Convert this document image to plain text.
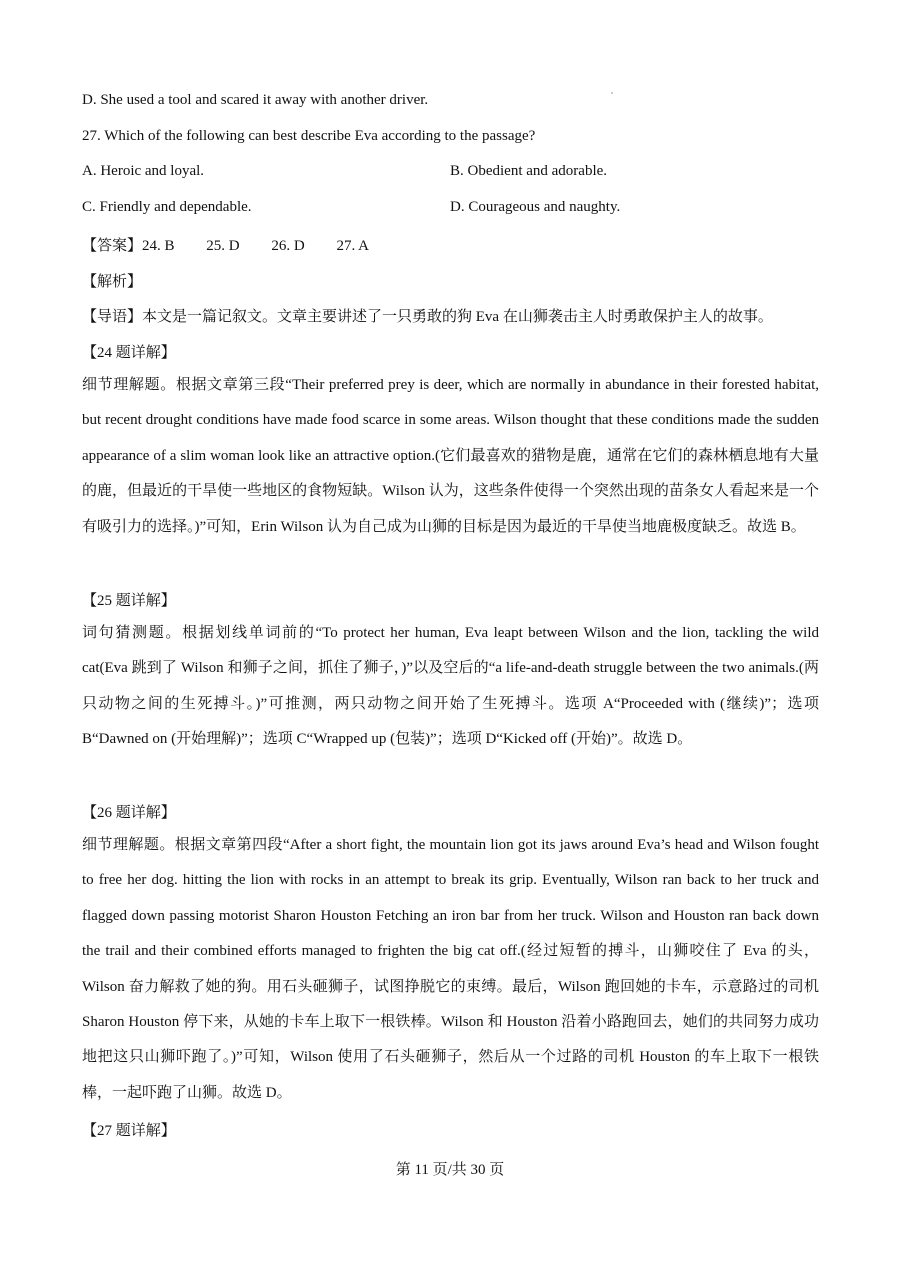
D. She used a tool and scared it away with another driver.
27. Which of the following can best describe Eva according to the passage?
A. Heroic and loyal.	B. Obedient and adorable.
C. Friendly and dependable.	D. Courageous and naughty.
【答案】24. B 25. D 26. D 27. A
【解析】
【导语】本文是一篇记叙文。文章主要讲述了一只勇敢的狗 Eva 在山狮袭击主人时勇敢保护主人的故事。
【24 题详解】
细节理解题。根据文章第三段“Their preferred prey is deer, which are normally in abundance in their forested habitat, but recent drought conditions have made food scarce in some areas. Wilson thought that these conditions made the sudden appearance of a slim woman look like an attractive option.(它们最喜欢的猎物是鹿，通常在它们的森林栖息地有大量的鹿，但最近的干旱使一些地区的食物短缺。Wilson 认为，这些条件使得一个突然出现的苗条女人看起来是一个有吸引力的选择。)”可知，Erin Wilson 认为自己成为山狮的目标是因为最近的干旱使当地鹿极度缺乏。故选 B。
【25 题详解】
词句猜测题。根据划线单词前的“To protect her human, Eva leapt between Wilson and the lion, tackling the wild cat(Eva 跳到了 Wilson 和狮子之间，抓住了狮子，)”以及空后的“a life-and-death struggle between the two animals.(两只动物之间的生死搏斗。)”可推测，两只动物之间开始了生死搏斗。选项 A“Proceeded with (继续)”；选项 B“Dawned on (开始理解)”；选项 C“Wrapped up (包装)”；选项 D“Kicked off (开始)”。故选 D。
【26 题详解】
细节理解题。根据文章第四段“After a short fight, the mountain lion got its jaws around Eva’s head and Wilson fought to free her dog. hitting the lion with rocks in an attempt to break its grip. Eventually, Wilson ran back to her truck and flagged down passing motorist Sharon Houston Fetching an iron bar from her truck. Wilson and Houston ran back down the trail and their combined efforts managed to frighten the big cat off.(经过短暂的搏斗，山狮咬住了 Eva 的头，Wilson 奋力解救了她的狗。用石头砸狮子，试图挣脱它的束缚。最后，Wilson 跑回她的卡车，示意路过的司机 Sharon Houston 停下来，从她的卡车上取下一根铁棒。Wilson 和 Houston 沿着小路跑回去，她们的共同努力成功地把这只山狮吓跑了。)”可知，Wilson 使用了石头砸狮子，然后从一个过路的司机 Houston 的车上取下一根铁棒，一起吓跑了山狮。故选 D。
【27 题详解】
第 11 页/共 30 页
